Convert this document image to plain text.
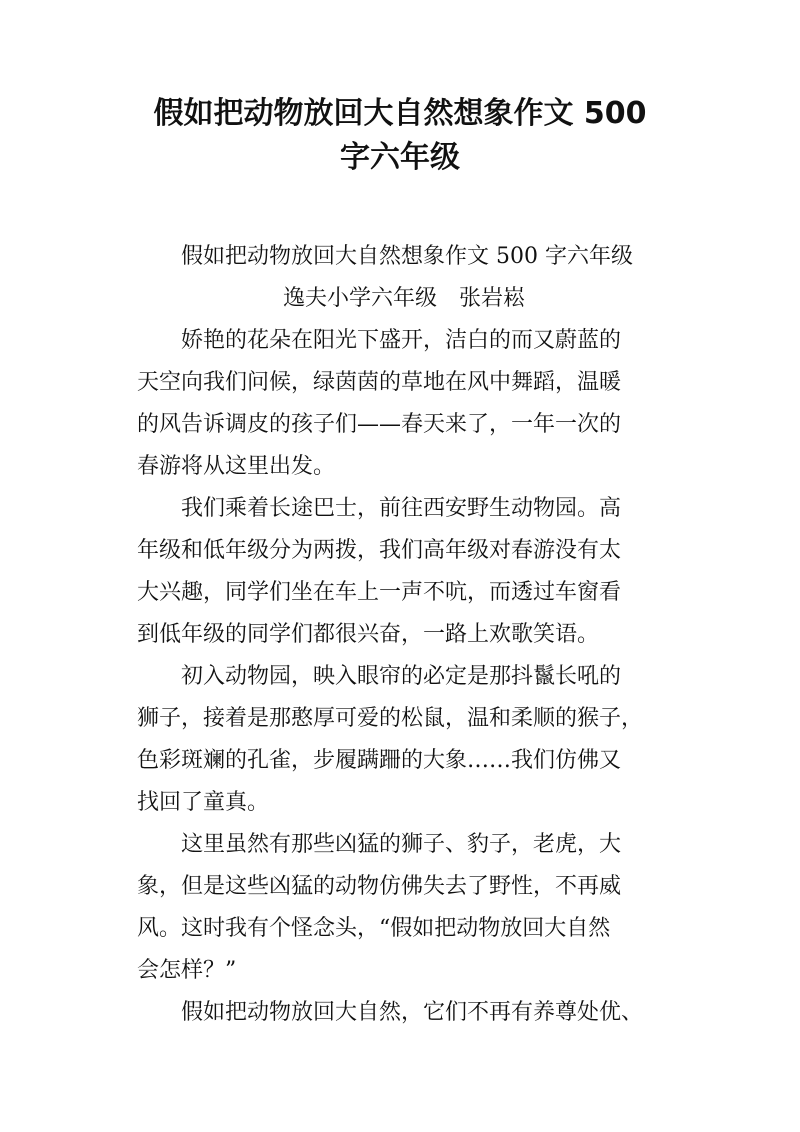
假如把动物放回大自然想象作文 500
字六年级
假如把动物放回大自然想象作文 500 字六年级
逸夫小学六年级　张岩崧
娇艳的花朵在阳光下盛开，洁白的而又蔚蓝的
天空向我们问候，绿茵茵的草地在风中舞蹈，温暖
的风告诉调皮的孩子们——春天来了，一年一次的
春游将从这里出发。
我们乘着长途巴士，前往西安野生动物园。高
年级和低年级分为两拨，我们高年级对春游没有太
大兴趣，同学们坐在车上一声不吭，而透过车窗看
到低年级的同学们都很兴奋，一路上欢歌笑语。
初入动物园，映入眼帘的必定是那抖鬣长吼的
狮子，接着是那憨厚可爱的松鼠，温和柔顺的猴子，
色彩斑斓的孔雀，步履蹒跚的大象……我们仿佛又
找回了童真。
这里虽然有那些凶猛的狮子、豹子，老虎，大
象，但是这些凶猛的动物仿佛失去了野性，不再威
风。这时我有个怪念头，“假如把动物放回大自然
会怎样？”
假如把动物放回大自然，它们不再有养尊处优、
